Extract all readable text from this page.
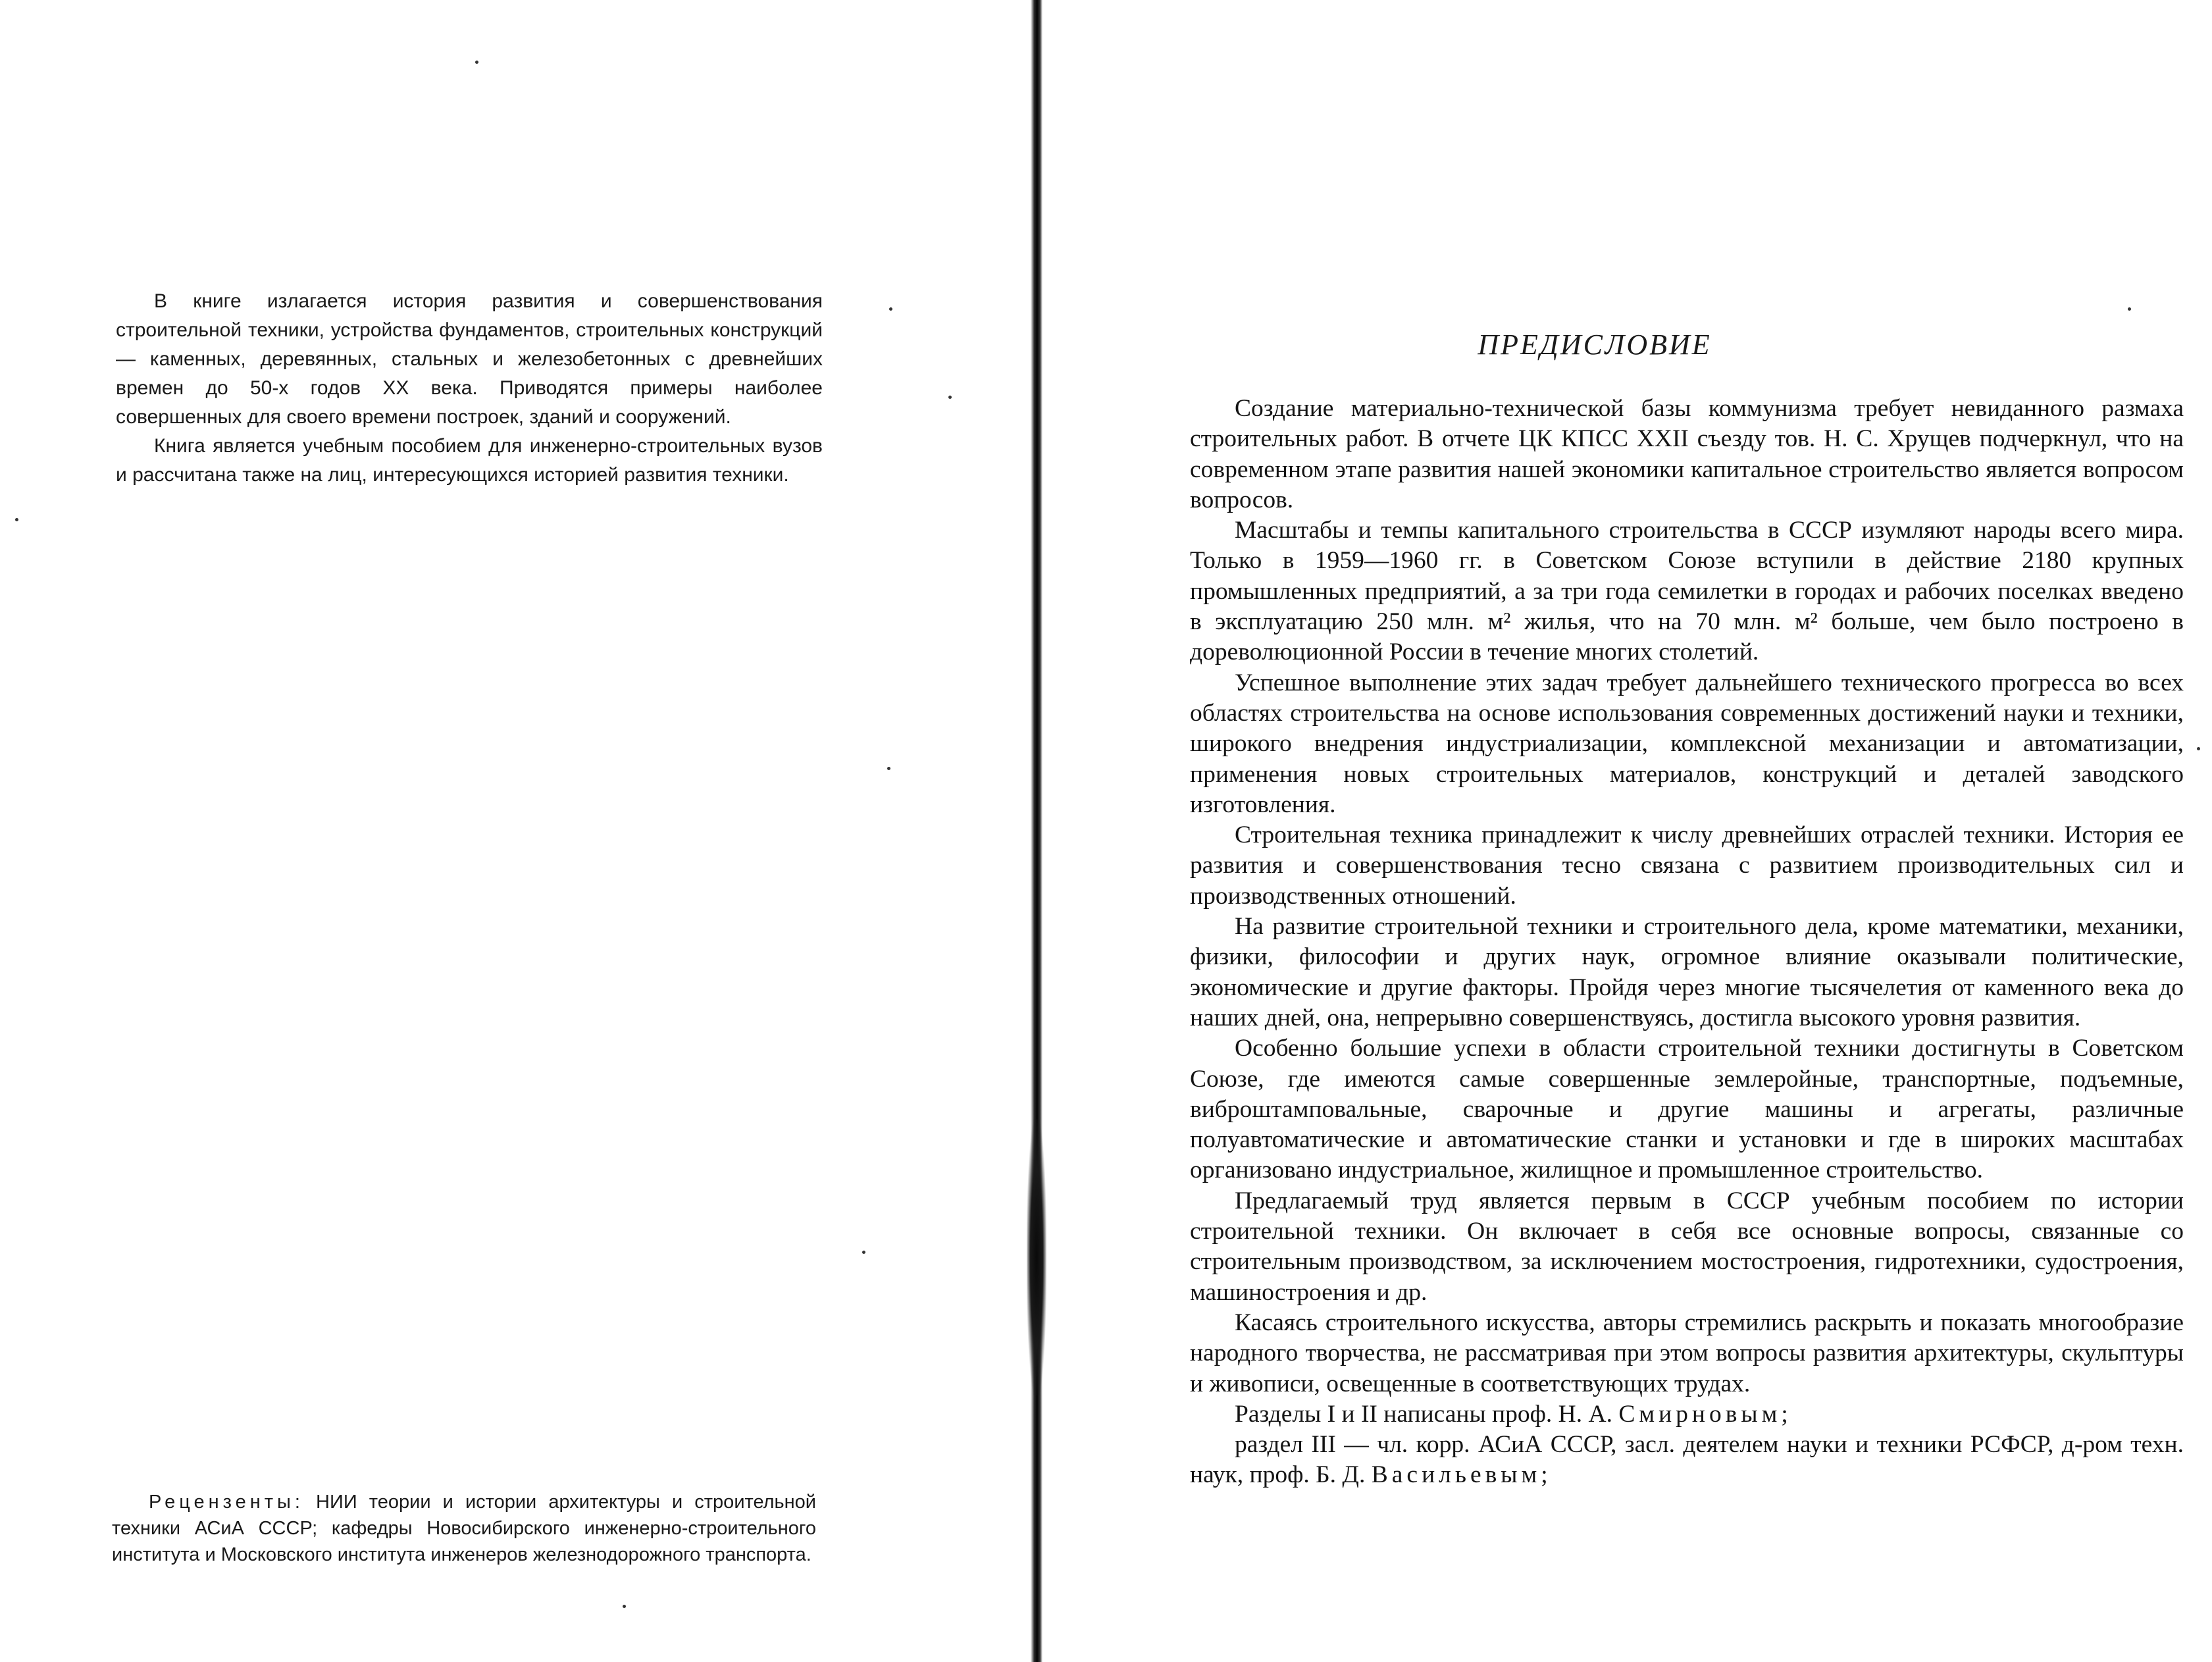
В книге излагается история развития и совершенствования строительной техники, устройства фундаментов, строительных конструкций — каменных, деревянных, стальных и железобетонных с древнейших времен до 50-х годов XX века. Приводятся примеры наиболее совершенных для своего времени построек, зданий и сооружений.

Книга является учебным пособием для инженерно-строительных вузов и рассчитана также на лиц, интересующихся историей развития техники.

Рецензенты: НИИ теории и истории архитектуры и строительной техники АСиА СССР; кафедры Новосибирского инженерно-строительного института и Московского института инженеров железнодорожного транспорта.

ПРЕДИСЛОВИЕ

Создание материально-технической базы коммунизма требует невиданного размаха строительных работ. В отчете ЦК КПСС XXII съезду тов. Н. С. Хрущев подчеркнул, что на современном этапе развития нашей экономики капитальное строительство является вопросом вопросов.

Масштабы и темпы капитального строительства в СССР изумляют народы всего мира. Только в 1959—1960 гг. в Советском Союзе вступили в действие 2180 крупных промышленных предприятий, а за три года семилетки в городах и рабочих поселках введено в эксплуатацию 250 млн. м² жилья, что на 70 млн. м² больше, чем было построено в дореволюционной России в течение многих столетий.

Успешное выполнение этих задач требует дальнейшего технического прогресса во всех областях строительства на основе использования современных достижений науки и техники, широкого внедрения индустриализации, комплексной механизации и автоматизации, применения новых строительных материалов, конструкций и деталей заводского изготовления.

Строительная техника принадлежит к числу древнейших отраслей техники. История ее развития и совершенствования тесно связана с развитием производительных сил и производственных отношений.

На развитие строительной техники и строительного дела, кроме математики, механики, физики, философии и других наук, огромное влияние оказывали политические, экономические и другие факторы. Пройдя через многие тысячелетия от каменного века до наших дней, она, непрерывно совершенствуясь, достигла высокого уровня развития.

Особенно большие успехи в области строительной техники достигнуты в Советском Союзе, где имеются самые совершенные землеройные, транспортные, подъемные, виброштамповальные, сварочные и другие машины и агрегаты, различные полуавтоматические и автоматические станки и установки и где в широких масштабах организовано индустриальное, жилищное и промышленное строительство.

Предлагаемый труд является первым в СССР учебным пособием по истории строительной техники. Он включает в себя все основные вопросы, связанные со строительным производством, за исключением мостостроения, гидротехники, судостроения, машиностроения и др.

Касаясь строительного искусства, авторы стремились раскрыть и показать многообразие народного творчества, не рассматривая при этом вопросы развития архитектуры, скульптуры и живописи, освещенные в соответствующих трудах.

Разделы I и II написаны проф. Н. А. Смирновым;

раздел III — чл. корр. АСиА СССР, засл. деятелем науки и техники РСФСР, д-ром техн. наук, проф. Б. Д. Васильевым;
